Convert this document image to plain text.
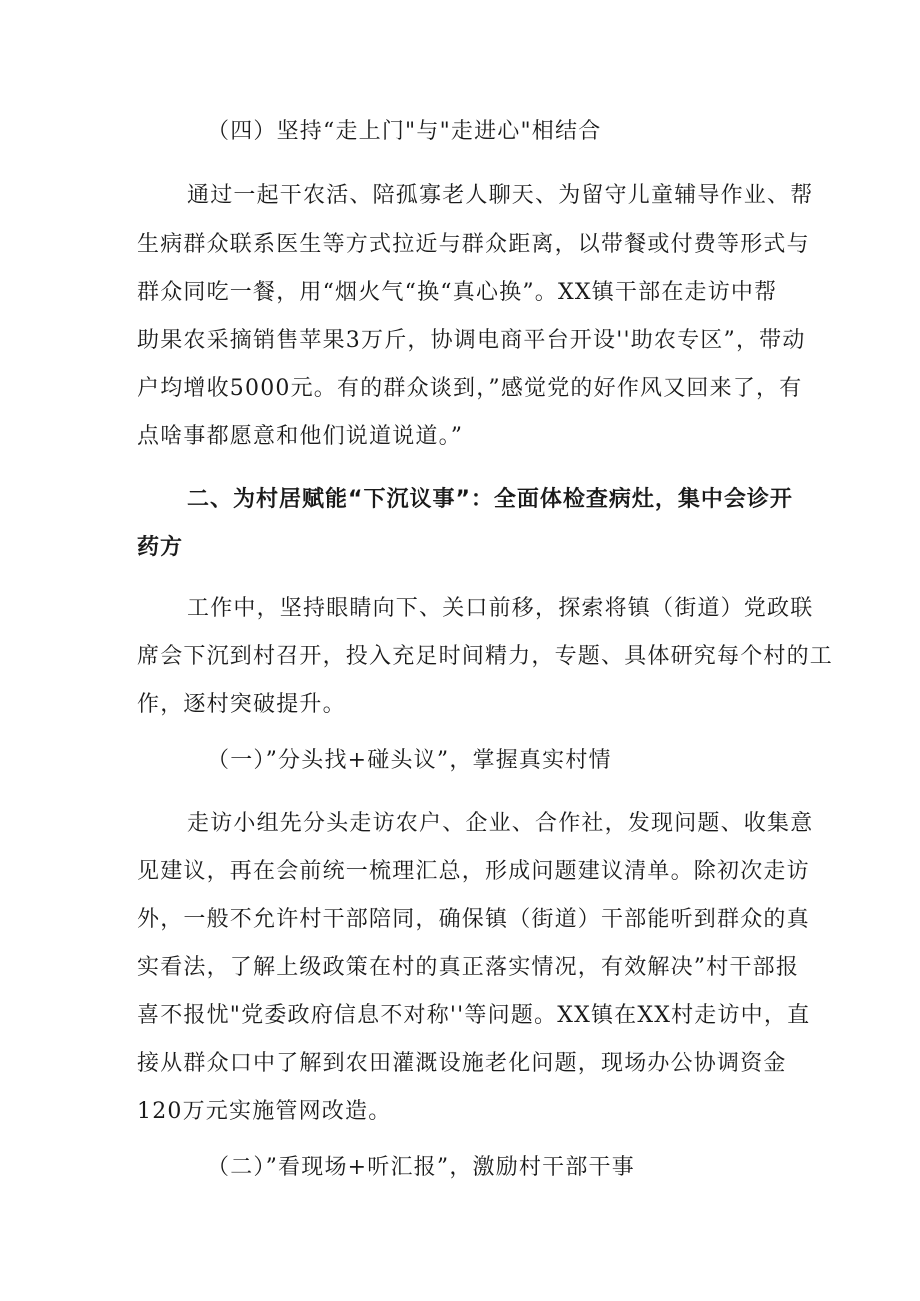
（四）坚持“走上门"与"走进心"相结合
通过一起干农活、陪孤寡老人聊天、为留守儿童辅导作业、帮
生病群众联系医生等方式拉近与群众距离，以带餐或付费等形式与
群众同吃一餐，用“烟火气“换“真心换”。XX镇干部在走访中帮
助果农采摘销售苹果3万斤，协调电商平台开设''助农专区”，带动
户均增收5000元。有的群众谈到，”感觉党的好作风又回来了，有
点啥事都愿意和他们说道说道。”
二、为村居赋能“下沉议事”：全面体检查病灶，集中会诊开
药方
工作中，坚持眼睛向下、关口前移，探索将镇（街道）党政联
席会下沉到村召开，投入充足时间精力，专题、具体研究每个村的工
作，逐村突破提升。
（一）”分头找+碰头议”，掌握真实村情
走访小组先分头走访农户、企业、合作社，发现问题、收集意
见建议，再在会前统一梳理汇总，形成问题建议清单。除初次走访
外，一般不允许村干部陪同，确保镇（街道）干部能听到群众的真
实看法，了解上级政策在村的真正落实情况，有效解决”村干部报
喜不报忧"党委政府信息不对称''等问题。XX镇在XX村走访中，直
接从群众口中了解到农田灌溉设施老化问题，现场办公协调资金
120万元实施管网改造。
（二）”看现场+听汇报”，激励村干部干事
